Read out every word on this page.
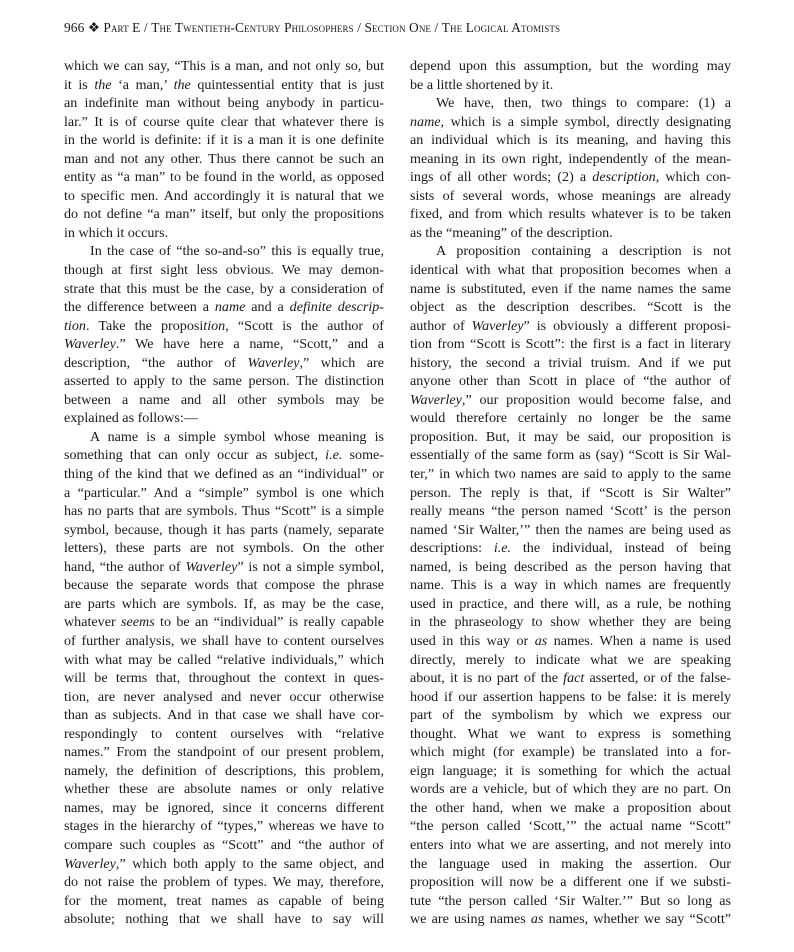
966 ❖ Part E / The Twentieth-Century Philosophers / Section One / The Logical Atomists
which we can say, “This is a man, and not only so, but
it is the ‘a man,’ the quintessential entity that is just
an indefinite man without being anybody in particu-
lar.” It is of course quite clear that whatever there is
in the world is definite: if it is a man it is one definite
man and not any other. Thus there cannot be such an
entity as “a man” to be found in the world, as opposed
to specific men. And accordingly it is natural that we
do not define “a man” itself, but only the propositions
in which it occurs.
In the case of “the so-and-so” this is equally true,
though at first sight less obvious. We may demon-
strate that this must be the case, by a consideration of
the difference between a name and a definite descrip-
tion. Take the proposition, “Scott is the author of
Waverley.” We have here a name, “Scott,” and a
description, “the author of Waverley,” which are
asserted to apply to the same person. The distinction
between a name and all other symbols may be
explained as follows:—
A name is a simple symbol whose meaning is
something that can only occur as subject, i.e. some-
thing of the kind that we defined as an “individual” or
a “particular.” And a “simple” symbol is one which
has no parts that are symbols. Thus “Scott” is a simple
symbol, because, though it has parts (namely, separate
letters), these parts are not symbols. On the other
hand, “the author of Waverley” is not a simple symbol,
because the separate words that compose the phrase
are parts which are symbols. If, as may be the case,
whatever seems to be an “individual” is really capable
of further analysis, we shall have to content ourselves
with what may be called “relative individuals,” which
will be terms that, throughout the context in ques-
tion, are never analysed and never occur otherwise
than as subjects. And in that case we shall have cor-
respondingly to content ourselves with “relative
names.” From the standpoint of our present problem,
namely, the definition of descriptions, this problem,
whether these are absolute names or only relative
names, may be ignored, since it concerns different
stages in the hierarchy of “types,” whereas we have to
compare such couples as “Scott” and “the author of
Waverley,” which both apply to the same object, and
do not raise the problem of types. We may, therefore,
for the moment, treat names as capable of being
absolute; nothing that we shall have to say will
depend upon this assumption, but the wording may
be a little shortened by it.
We have, then, two things to compare: (1) a
name, which is a simple symbol, directly designating
an individual which is its meaning, and having this
meaning in its own right, independently of the mean-
ings of all other words; (2) a description, which con-
sists of several words, whose meanings are already
fixed, and from which results whatever is to be taken
as the “meaning” of the description.
A proposition containing a description is not
identical with what that proposition becomes when a
name is substituted, even if the name names the same
object as the description describes. “Scott is the
author of Waverley” is obviously a different proposi-
tion from “Scott is Scott”: the first is a fact in literary
history, the second a trivial truism. And if we put
anyone other than Scott in place of “the author of
Waverley,” our proposition would become false, and
would therefore certainly no longer be the same
proposition. But, it may be said, our proposition is
essentially of the same form as (say) “Scott is Sir Wal-
ter,” in which two names are said to apply to the same
person. The reply is that, if “Scott is Sir Walter”
really means “the person named ‘Scott’ is the person
named ‘Sir Walter,’” then the names are being used as
descriptions: i.e. the individual, instead of being
named, is being described as the person having that
name. This is a way in which names are frequently
used in practice, and there will, as a rule, be nothing
in the phraseology to show whether they are being
used in this way or as names. When a name is used
directly, merely to indicate what we are speaking
about, it is no part of the fact asserted, or of the false-
hood if our assertion happens to be false: it is merely
part of the symbolism by which we express our
thought. What we want to express is something
which might (for example) be translated into a for-
eign language; it is something for which the actual
words are a vehicle, but of which they are no part. On
the other hand, when we make a proposition about
“the person called ‘Scott,’” the actual name “Scott”
enters into what we are asserting, and not merely into
the language used in making the assertion. Our
proposition will now be a different one if we substi-
tute “the person called ‘Sir Walter.’” But so long as
we are using names as names, whether we say “Scott”
